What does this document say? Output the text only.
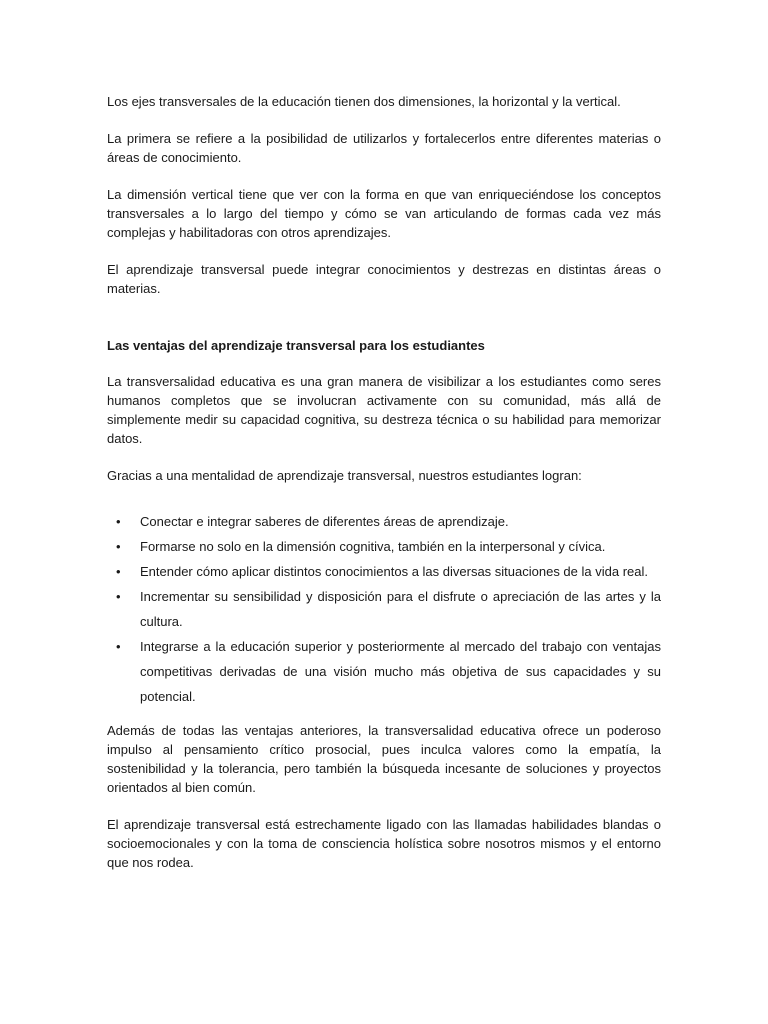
Los ejes transversales de la educación tienen dos dimensiones, la horizontal y la vertical.

La primera se refiere a la posibilidad de utilizarlos y fortalecerlos entre diferentes materias o áreas de conocimiento.

La dimensión vertical tiene que ver con la forma en que van enriqueciéndose los conceptos transversales a lo largo del tiempo y cómo se van articulando de formas cada vez más complejas y habilitadoras con otros aprendizajes.

El aprendizaje transversal puede integrar conocimientos y destrezas en distintas áreas o materias.

Las ventajas del aprendizaje transversal para los estudiantes

La transversalidad educativa es una gran manera de visibilizar a los estudiantes como seres humanos completos que se involucran activamente con su comunidad, más allá de simplemente medir su capacidad cognitiva, su destreza técnica o su habilidad para memorizar datos.

Gracias a una mentalidad de aprendizaje transversal, nuestros estudiantes logran:

• Conectar e integrar saberes de diferentes áreas de aprendizaje.
• Formarse no solo en la dimensión cognitiva, también en la interpersonal y cívica.
• Entender cómo aplicar distintos conocimientos a las diversas situaciones de la vida real.
• Incrementar su sensibilidad y disposición para el disfrute o apreciación de las artes y la cultura.
• Integrarse a la educación superior y posteriormente al mercado del trabajo con ventajas competitivas derivadas de una visión mucho más objetiva de sus capacidades y su potencial.

Además de todas las ventajas anteriores, la transversalidad educativa ofrece un poderoso impulso al pensamiento crítico prosocial, pues inculca valores como la empatía, la sostenibilidad y la tolerancia, pero también la búsqueda incesante de soluciones y proyectos orientados al bien común.

El aprendizaje transversal está estrechamente ligado con las llamadas habilidades blandas o socioemocionales y con la toma de consciencia holística sobre nosotros mismos y el entorno que nos rodea.
